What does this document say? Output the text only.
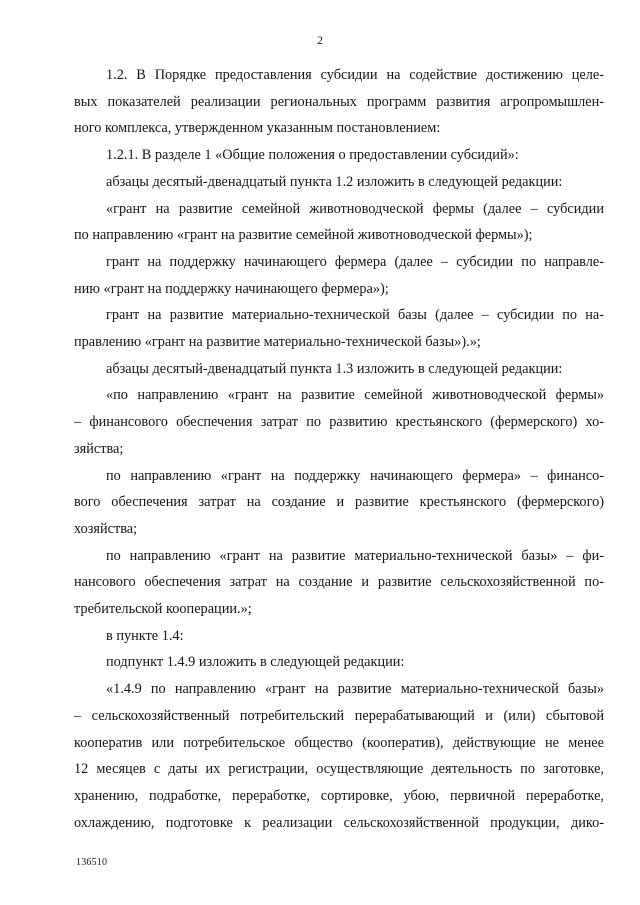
2

1.2. В Порядке предоставления субсидии на содействие достижению целе-

вых показателей реализации региональных программ развития агропромышлен-

ного комплекса, утвержденном указанным постановлением:

1.2.1. В разделе 1 «Общие положения о предоставлении субсидий»:

абзацы десятый-двенадцатый пункта 1.2 изложить в следующей редакции:

«грант на развитие семейной животноводческой фермы (далее – субсидии

по направлению «грант на развитие семейной животноводческой фермы»);

грант на поддержку начинающего фермера (далее – субсидии по направле-

нию «грант на поддержку начинающего фермера»);

грант на развитие материально-технической базы (далее – субсидии по на-

правлению «грант на развитие материально-технической базы»).»;

абзацы десятый-двенадцатый пункта 1.3 изложить в следующей редакции:

«по направлению «грант на развитие семейной животноводческой фермы»

– финансового обеспечения затрат по развитию крестьянского (фермерского) хо-

зяйства;

по направлению «грант на поддержку начинающего фермера» – финансо-

вого обеспечения затрат на создание и развитие крестьянского (фермерского)

хозяйства;

по направлению «грант на развитие материально-технической базы» – фи-

нансового обеспечения затрат на создание и развитие сельскохозяйственной по-

требительской кооперации.»;

в пункте 1.4:

подпункт 1.4.9 изложить в следующей редакции:

«1.4.9 по направлению «грант на развитие материально-технической базы»

– сельскохозяйственный потребительский перерабатывающий и (или) сбытовой

кооператив или потребительское общество (кооператив), действующие не менее

12 месяцев с даты их регистрации, осуществляющие деятельность по заготовке,

хранению, подработке, переработке, сортировке, убою, первичной переработке,

охлаждению, подготовке к реализации сельскохозяйственной продукции, дико-

136510
